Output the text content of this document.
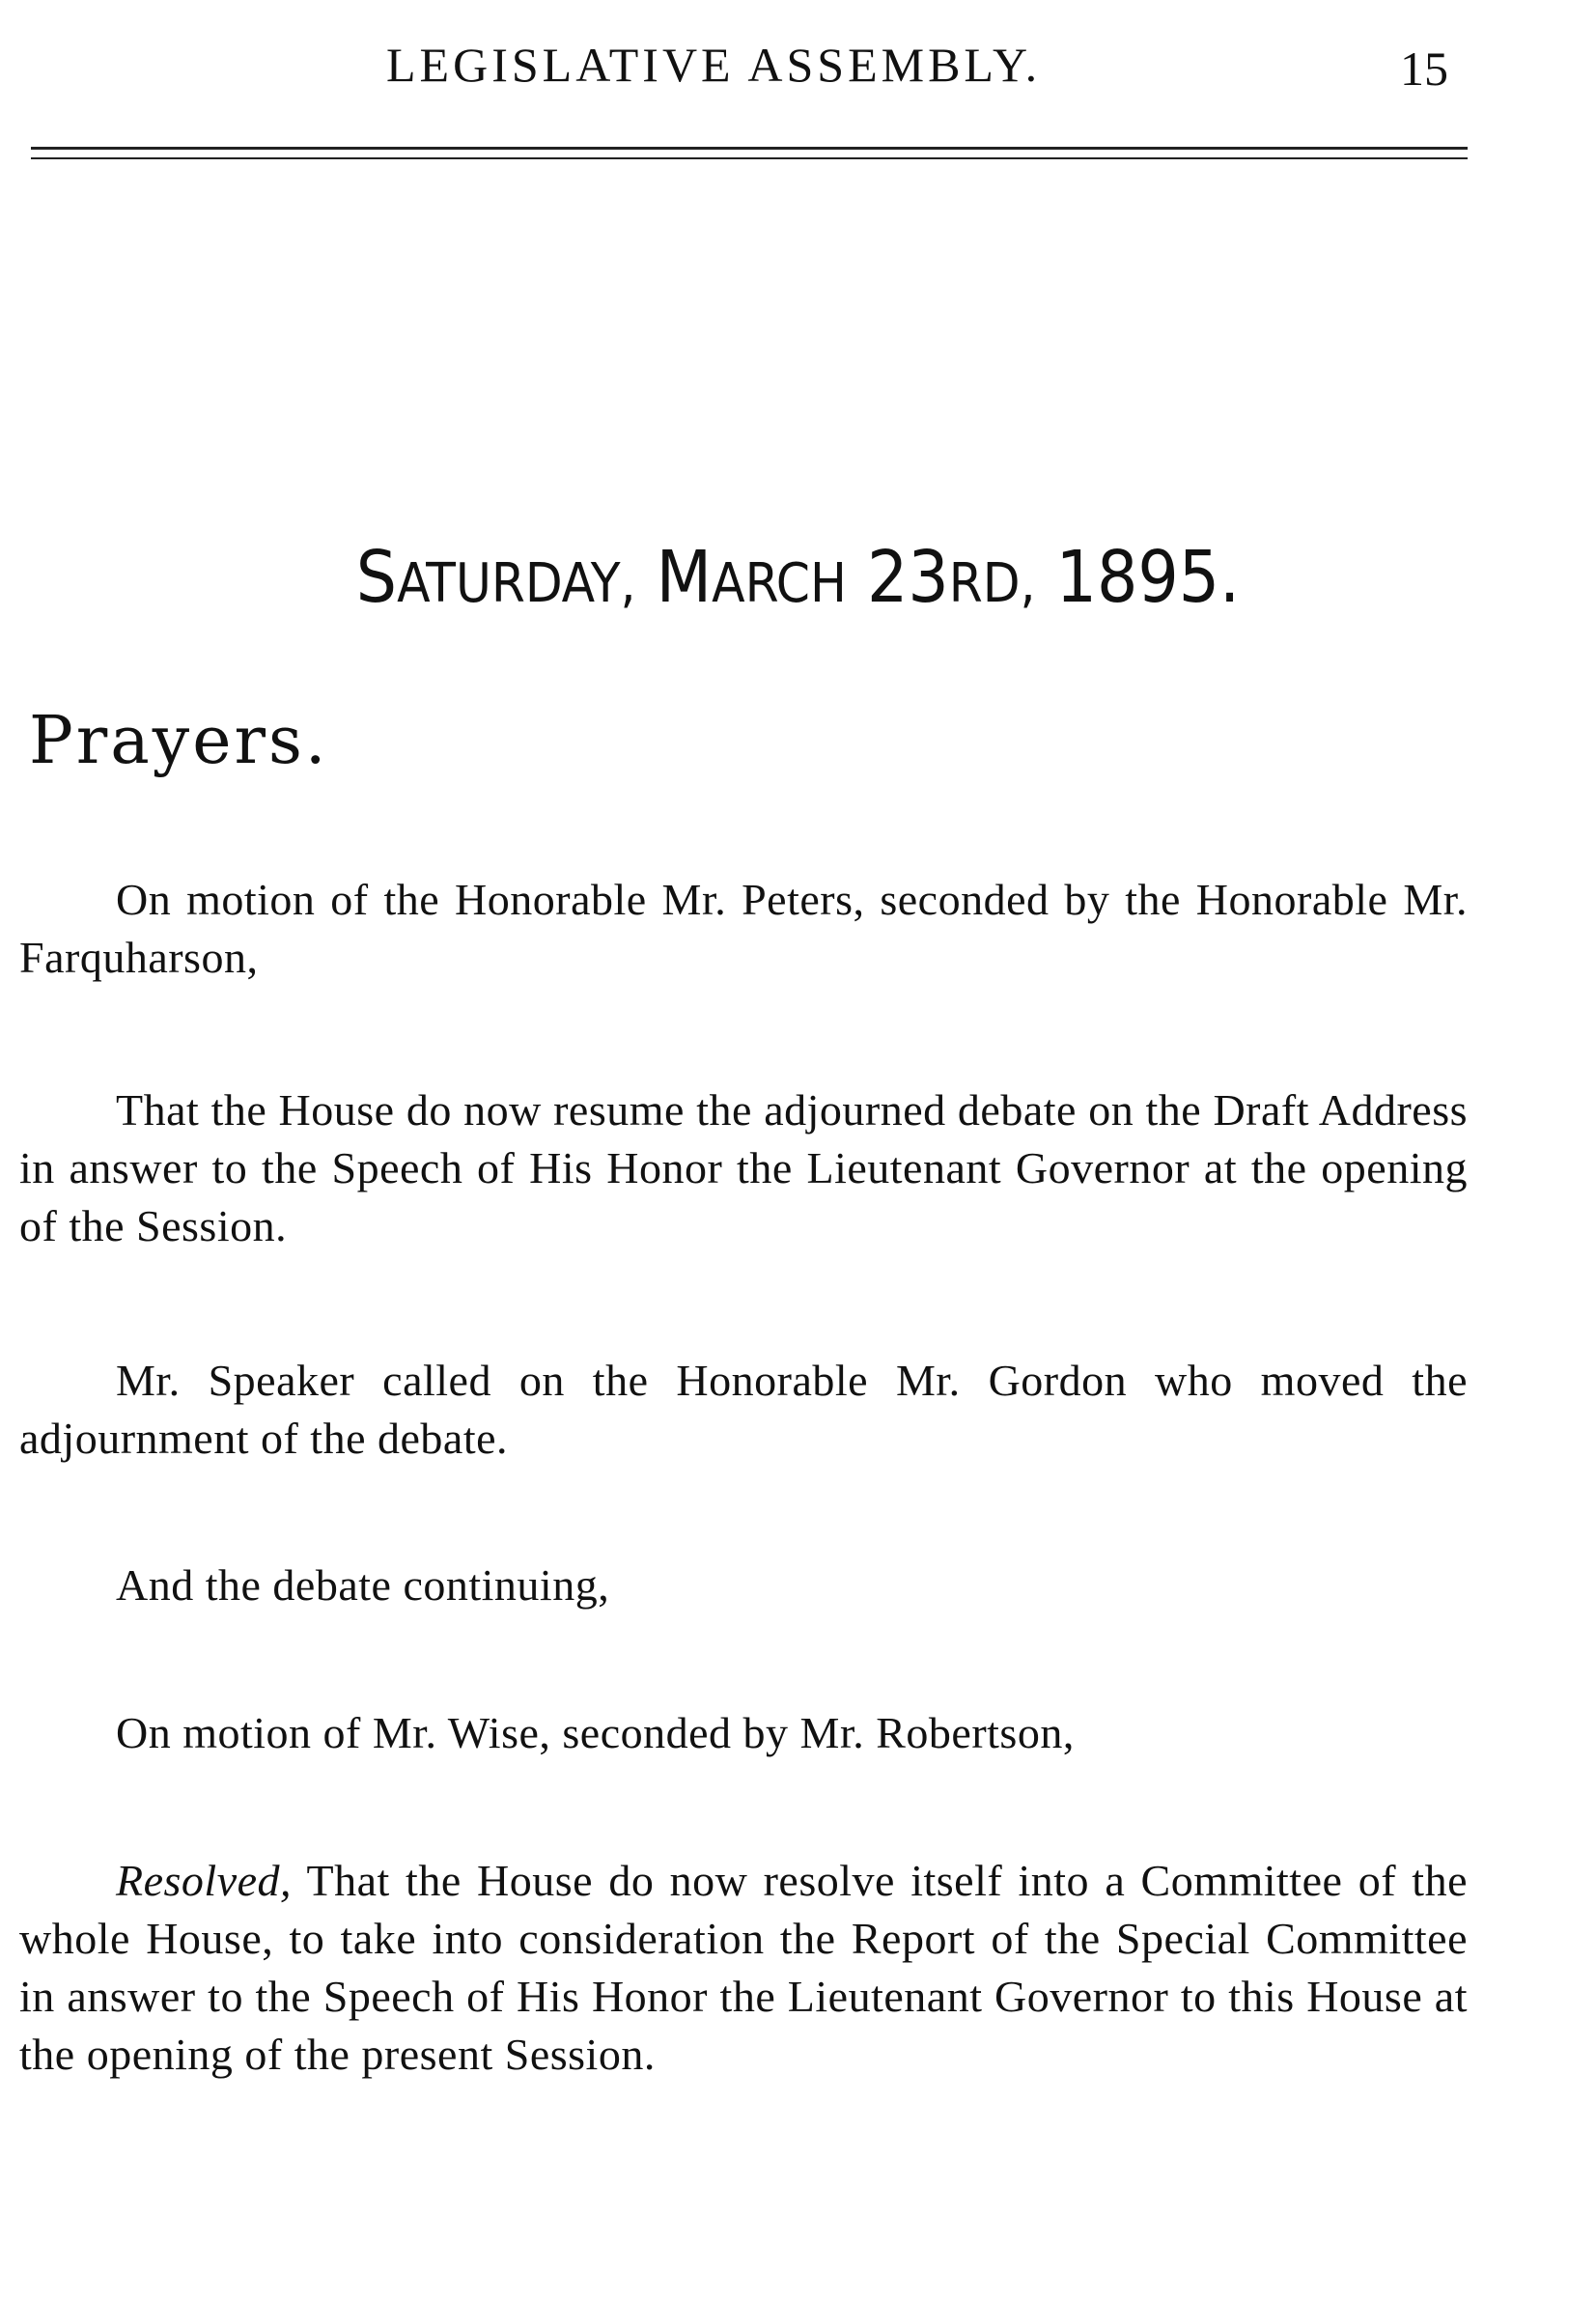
LEGISLATIVE ASSEMBLY.	15
SATURDAY, MARCH 23RD, 1895.
Prayers.
On motion of the Honorable Mr. Peters, seconded by the Honorable Mr. Farquharson,
That the House do now resume the adjourned debate on the Draft Address in answer to the Speech of His Honor the Lieutenant Governor at the opening of the Session.
Mr. Speaker called on the Honorable Mr. Gordon who moved the adjournment of the debate.
And the debate continuing,
On motion of Mr. Wise, seconded by Mr. Robertson,
Resolved, That the House do now resolve itself into a Committee of the whole House, to take into consideration the Report of the Special Committee in answer to the Speech of His Honor the Lieutenant Governor to this House at the opening of the present Session.
